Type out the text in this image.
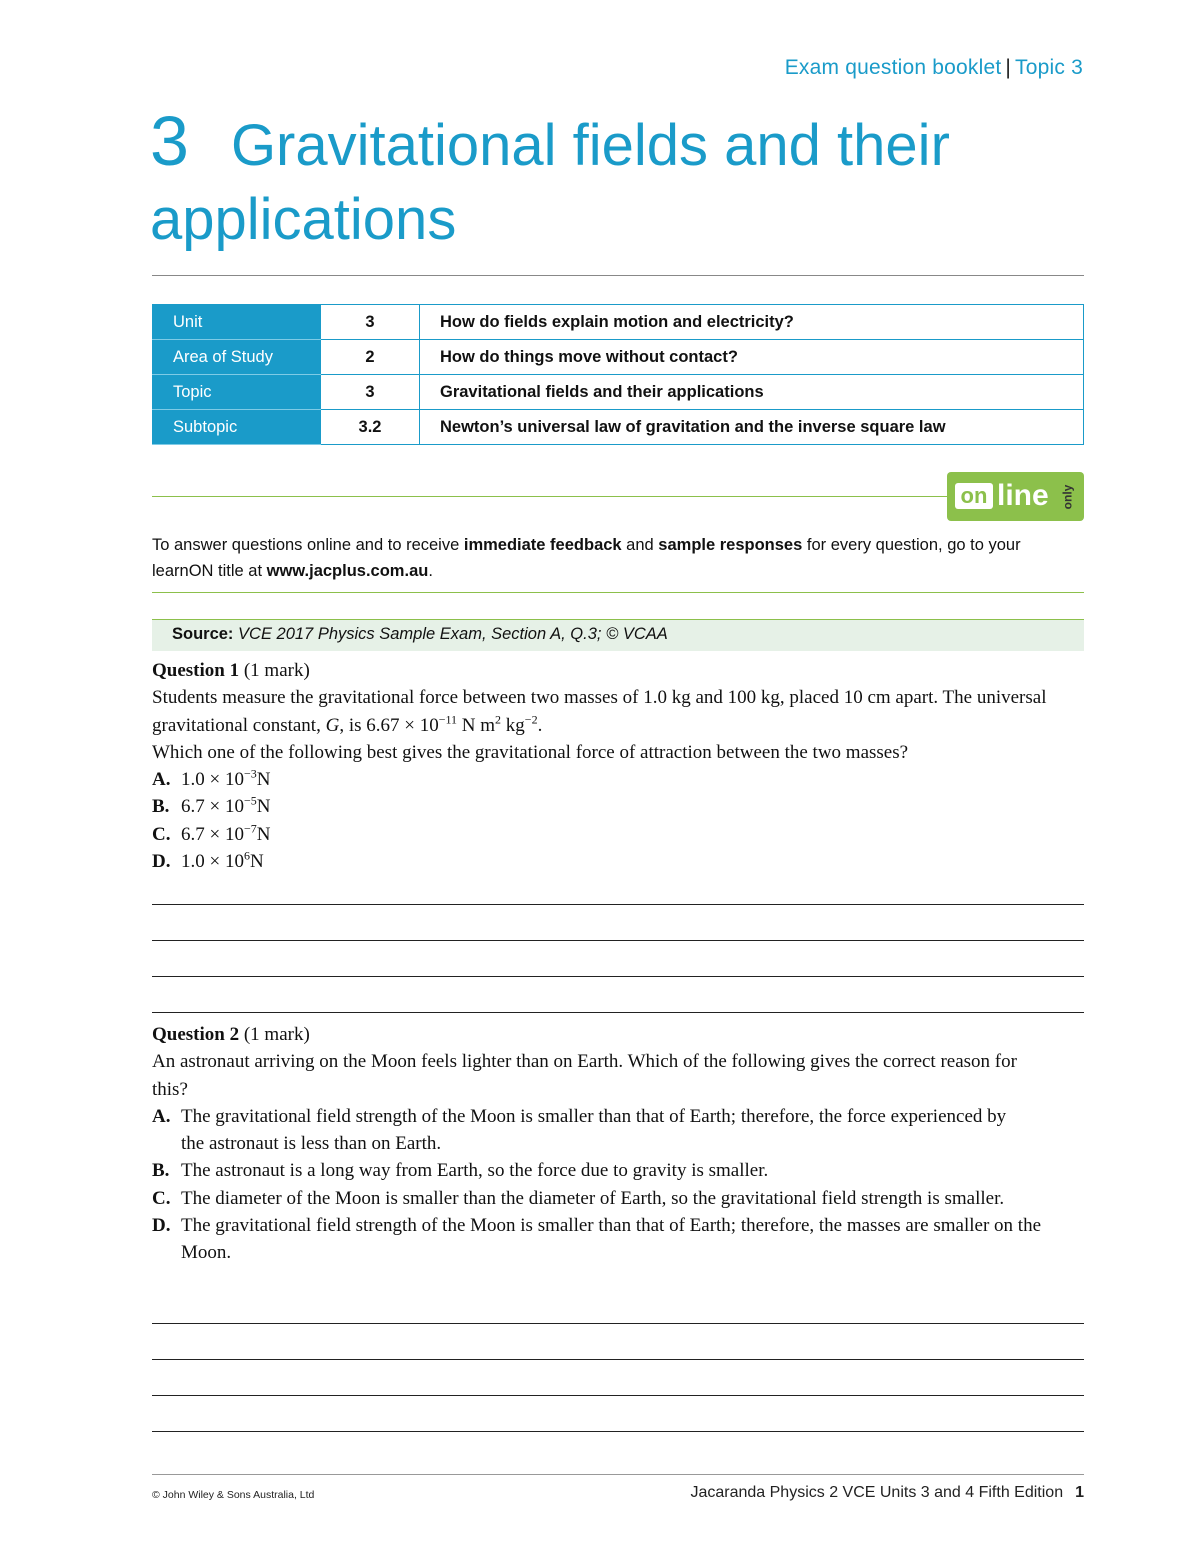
Exam question booklet | Topic 3
3 Gravitational fields and their
applications
Unit	3	How do fields explain motion and electricity?
Area of Study	2	How do things move without contact?
Topic	3	Gravitational fields and their applications
Subtopic	3.2	Newton’s universal law of gravitation and the inverse square law
on line only
To answer questions online and to receive immediate feedback and sample responses for every question, go to your learnON title at www.jacplus.com.au.
Source: VCE 2017 Physics Sample Exam, Section A, Q.3; © VCAA

Question 1 (1 mark)

Students measure the gravitational force between two masses of 1.0 kg and 100 kg, placed 10 cm apart. The universal gravitational constant, G, is $6.67 \times 10^{-11}$ N $m^2$ $kg^{-2}$.

Which one of the following best gives the gravitational force of attraction between the two masses?

A. $1.0 \times 10^{-3}N$
B. $6.7 \times 10^{-5}N$
C. $6.7 \times 10^{-7}N$
D. $1.0 \times 10^6N$

Question 2 (1 mark)

An astronaut arriving on the Moon feels lighter than on Earth. Which of the following gives the correct reason for this?

A. The gravitational field strength of the Moon is smaller than that of Earth; therefore, the force experienced by the astronaut is less than on Earth.
B. The astronaut is a long way from Earth, so the force due to gravity is smaller.
C. The diameter of the Moon is smaller than the diameter of Earth, so the gravitational field strength is smaller.
D. The gravitational field strength of the Moon is smaller than that of Earth; therefore, the masses are smaller on the Moon.
© John Wiley & Sons Australia, Ltd	Jacaranda Physics 2 VCE Units 3 and 4 Fifth Edition 1
